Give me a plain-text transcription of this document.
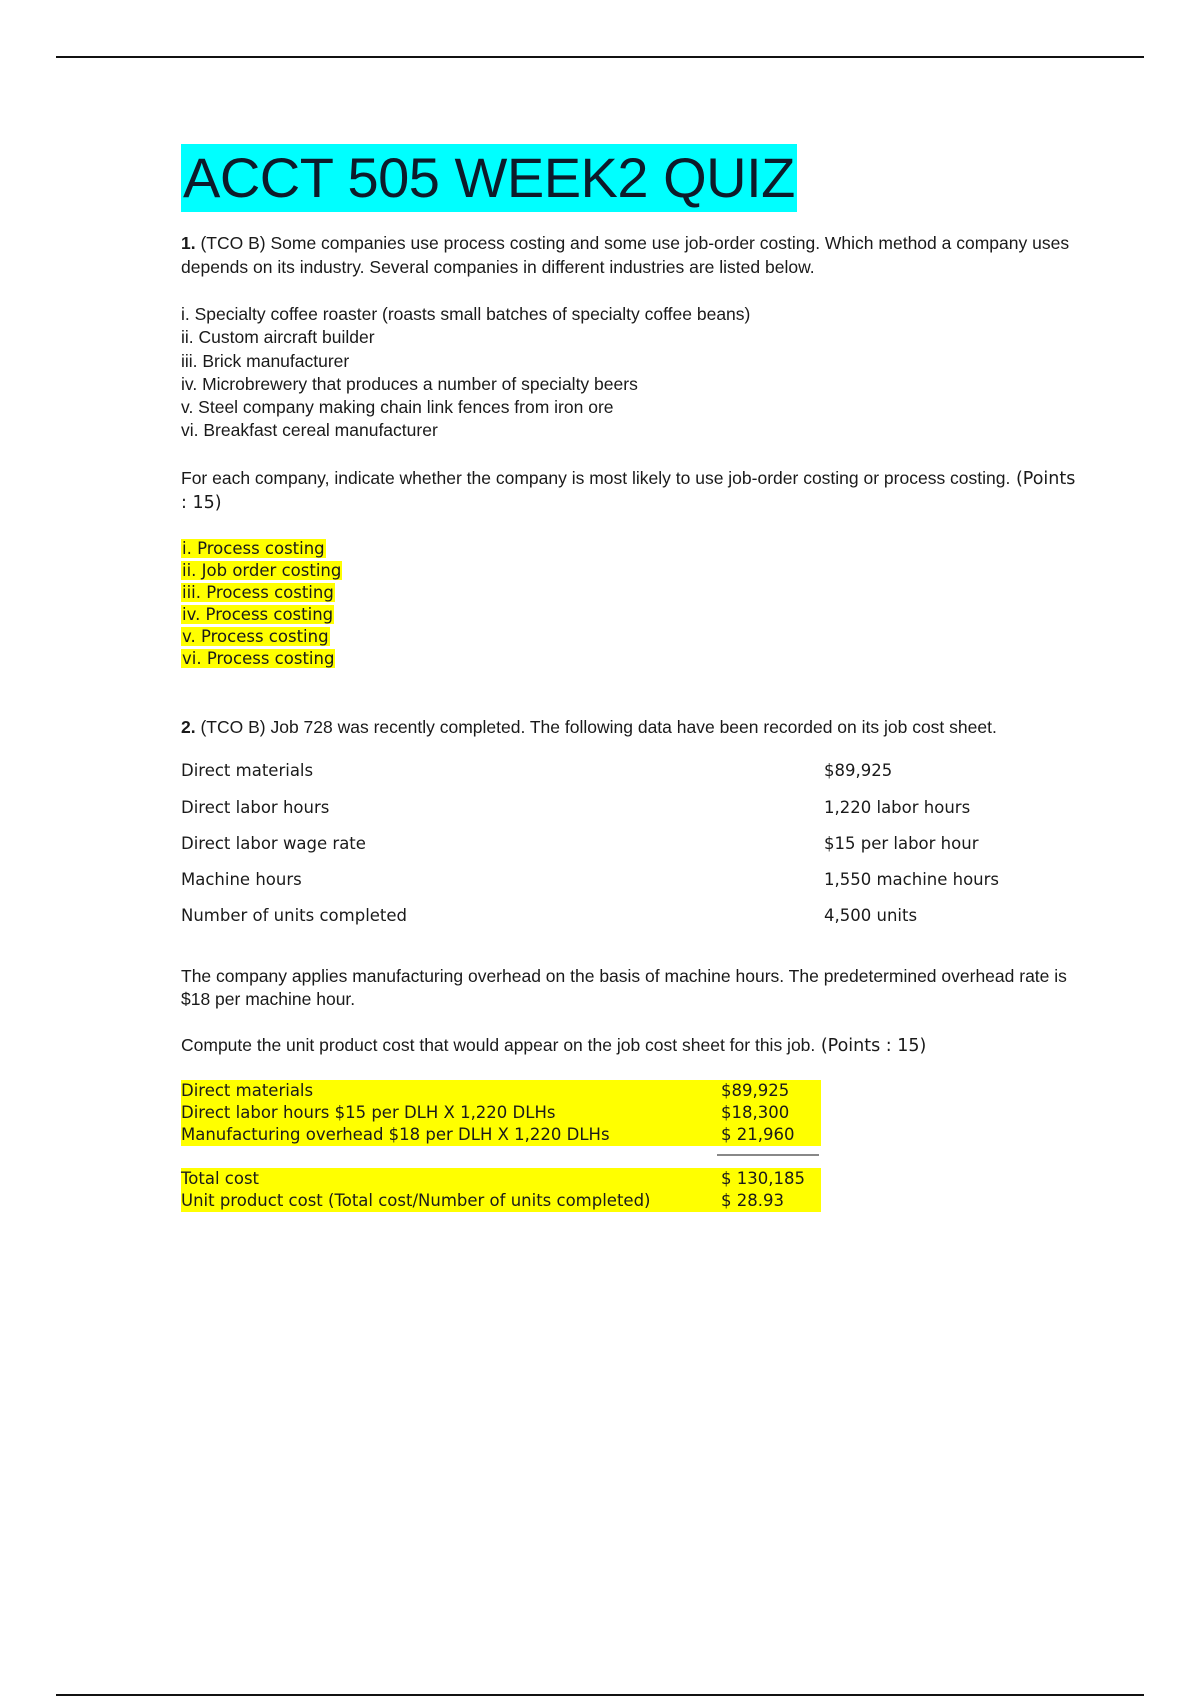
ACCT 505 WEEK2 QUIZ

1. (TCO B) Some companies use process costing and some use job-order costing. Which method a company uses depends on its industry. Several companies in different industries are listed below.

i. Specialty coffee roaster (roasts small batches of specialty coffee beans)
ii. Custom aircraft builder
iii. Brick manufacturer
iv. Microbrewery that produces a number of specialty beers
v. Steel company making chain link fences from iron ore
vi. Breakfast cereal manufacturer

For each company, indicate whether the company is most likely to use job-order costing or process costing. (Points : 15)

i. Process costing
ii. Job order costing
iii. Process costing
iv. Process costing
v. Process costing
vi. Process costing

2. (TCO B) Job 728 was recently completed. The following data have been recorded on its job cost sheet.

Direct materials	$89,925
Direct labor hours	1,220 labor hours
Direct labor wage rate	$15 per labor hour
Machine hours	1,550 machine hours
Number of units completed	4,500 units

The company applies manufacturing overhead on the basis of machine hours. The predetermined overhead rate is $18 per machine hour.

Compute the unit product cost that would appear on the job cost sheet for this job. (Points : 15)

Direct materials	$89,925
Direct labor hours $15 per DLH X 1,220 DLHs	$18,300
Manufacturing overhead $18 per DLH X 1,220 DLHs	$ 21,960
Total cost	$ 130,185
Unit product cost (Total cost/Number of units completed)	$ 28.93
